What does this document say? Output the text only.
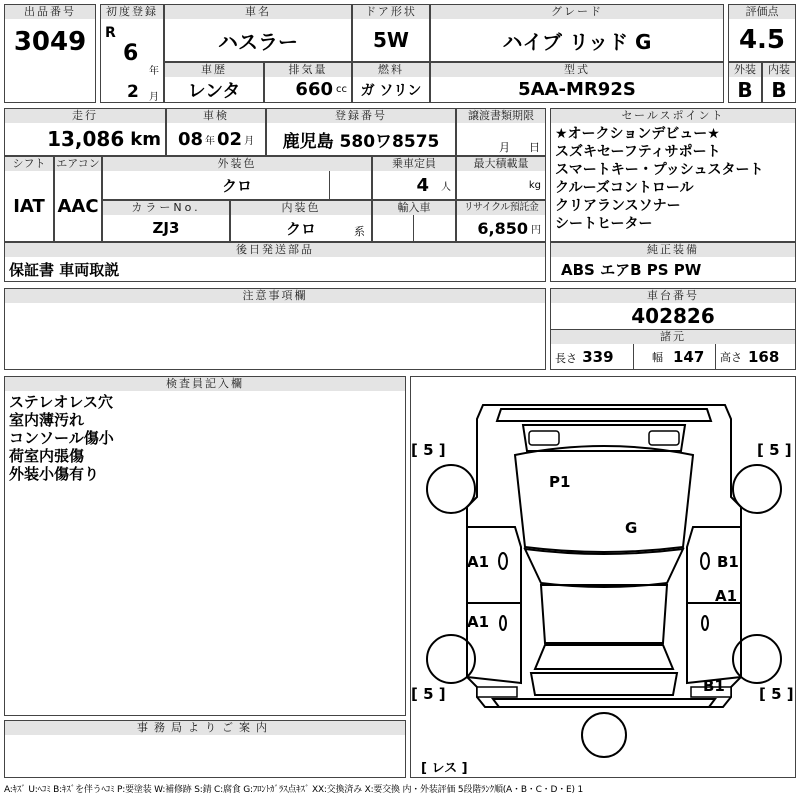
出品番号
3049
初度登録
R
6
年
2 月
車名
ハスラー
ドア形状
5W
グレード
ハイブ リッド G
評価点
4.5
車歴
レンタ
排気量
660 cc
燃料
ガ ソリン
型式
5AA-MR92S
外装
B
内装
B
走行
13,086 km
車検
08 年 02 月
登録番号
鹿児島 580ワ8575
譲渡書類期限
月 日
シフト
IAT
エアコン
AAC
外装色
クロ
乗車定員
4 人
最大積載量
kg
カラーNo.
ZJ3
内装色
クロ	系
輸入車	リサイクル預託金
6,850 円
後日発送部品
保証書 車両取説
セールスポイント
★オークションデビュー★
スズキセーフティサポート
スマートキー・プッシュスタート
クルーズコントロール
クリアランスソナー
シートヒーター
純正装備
ABS エアB PS PW
注意事項欄	車台番号
402826
諸元
長さ 339	幅 147 高さ 168
検査員記入欄
ステレオレス穴
室内薄汚れ
コンソール傷小
荷室内張傷
外装小傷有り
事務局よりご案内
[ 5 ]	[ 5 ]
[ 5 ]	[ 5 ]
[ レス ]
P1
G
A1
A1
B1
A1
B1
A:ｷｽﾞ U:ﾍｺﾐ B:ｷｽﾞを伴うﾍｺﾐ P:要塗装 W:補修跡 S:錆 C:腐食 G:ﾌﾛﾝﾄｶﾞﾗｽ点ｷｽﾞ XX:交換済み X:要交換 内・外装評価 5段階ﾗﾝｸ順(A・B・C・D・E) 1
